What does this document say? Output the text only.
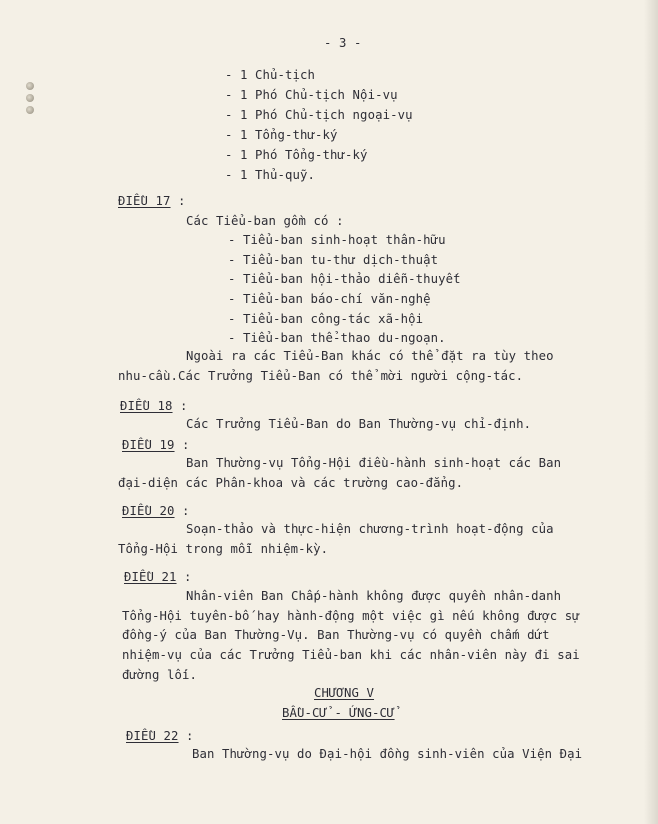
- 3 -
- 1 Chủ-tịch
- 1 Phó Chủ-tịch Nội-vụ
- 1 Phó Chủ-tịch ngoại-vụ
- 1 Tổng-thư-ký
- 1 Phó Tổng-thư-ký
- 1 Thủ-quỹ.
ĐIỀU 17 :
Các Tiểu-ban gồm có :
- Tiểu-ban sinh-hoạt thân-hữu
- Tiểu-ban tu-thư dịch-thuật
- Tiểu-ban hội-thảo diễn-thuyết
- Tiểu-ban báo-chí văn-nghệ
- Tiểu-ban công-tác xã-hội
- Tiểu-ban thể-thao du-ngoạn.
Ngoài ra các Tiểu-Ban khác có thể đặt ra tùy theo
nhu-cầu.Các Trưởng Tiểu-Ban có thể mời người cộng-tác.
ĐIỀU 18 :
Các Trưởng Tiểu-Ban do Ban Thường-vụ chỉ-định.
ĐIỀU 19 :
Ban Thường-vụ Tổng-Hội điều-hành sinh-hoạt các Ban
đại-diện các Phân-khoa và các trường cao-đẳng.
ĐIỀU 20 :
Soạn-thảo và thực-hiện chương-trình hoạt-động của
Tổng-Hội trong mỗi nhiệm-kỳ.
ĐIỀU 21 :
Nhân-viên Ban Chấp-hành không được quyền nhân-danh
Tổng-Hội tuyên-bố hay hành-động một việc gì nếu không được sự
đồng-ý của Ban Thường-Vụ. Ban Thường-vụ có quyền chấm dứt
nhiệm-vụ của các Trưởng Tiểu-ban khi các nhân-viên này đi sai
đường lối.
CHƯƠNG V
BẦU-CỬ - ỨNG-CỬ
ĐIỀU 22 :
Ban Thường-vụ do Đại-hội đồng sinh-viên của Viện Đại
